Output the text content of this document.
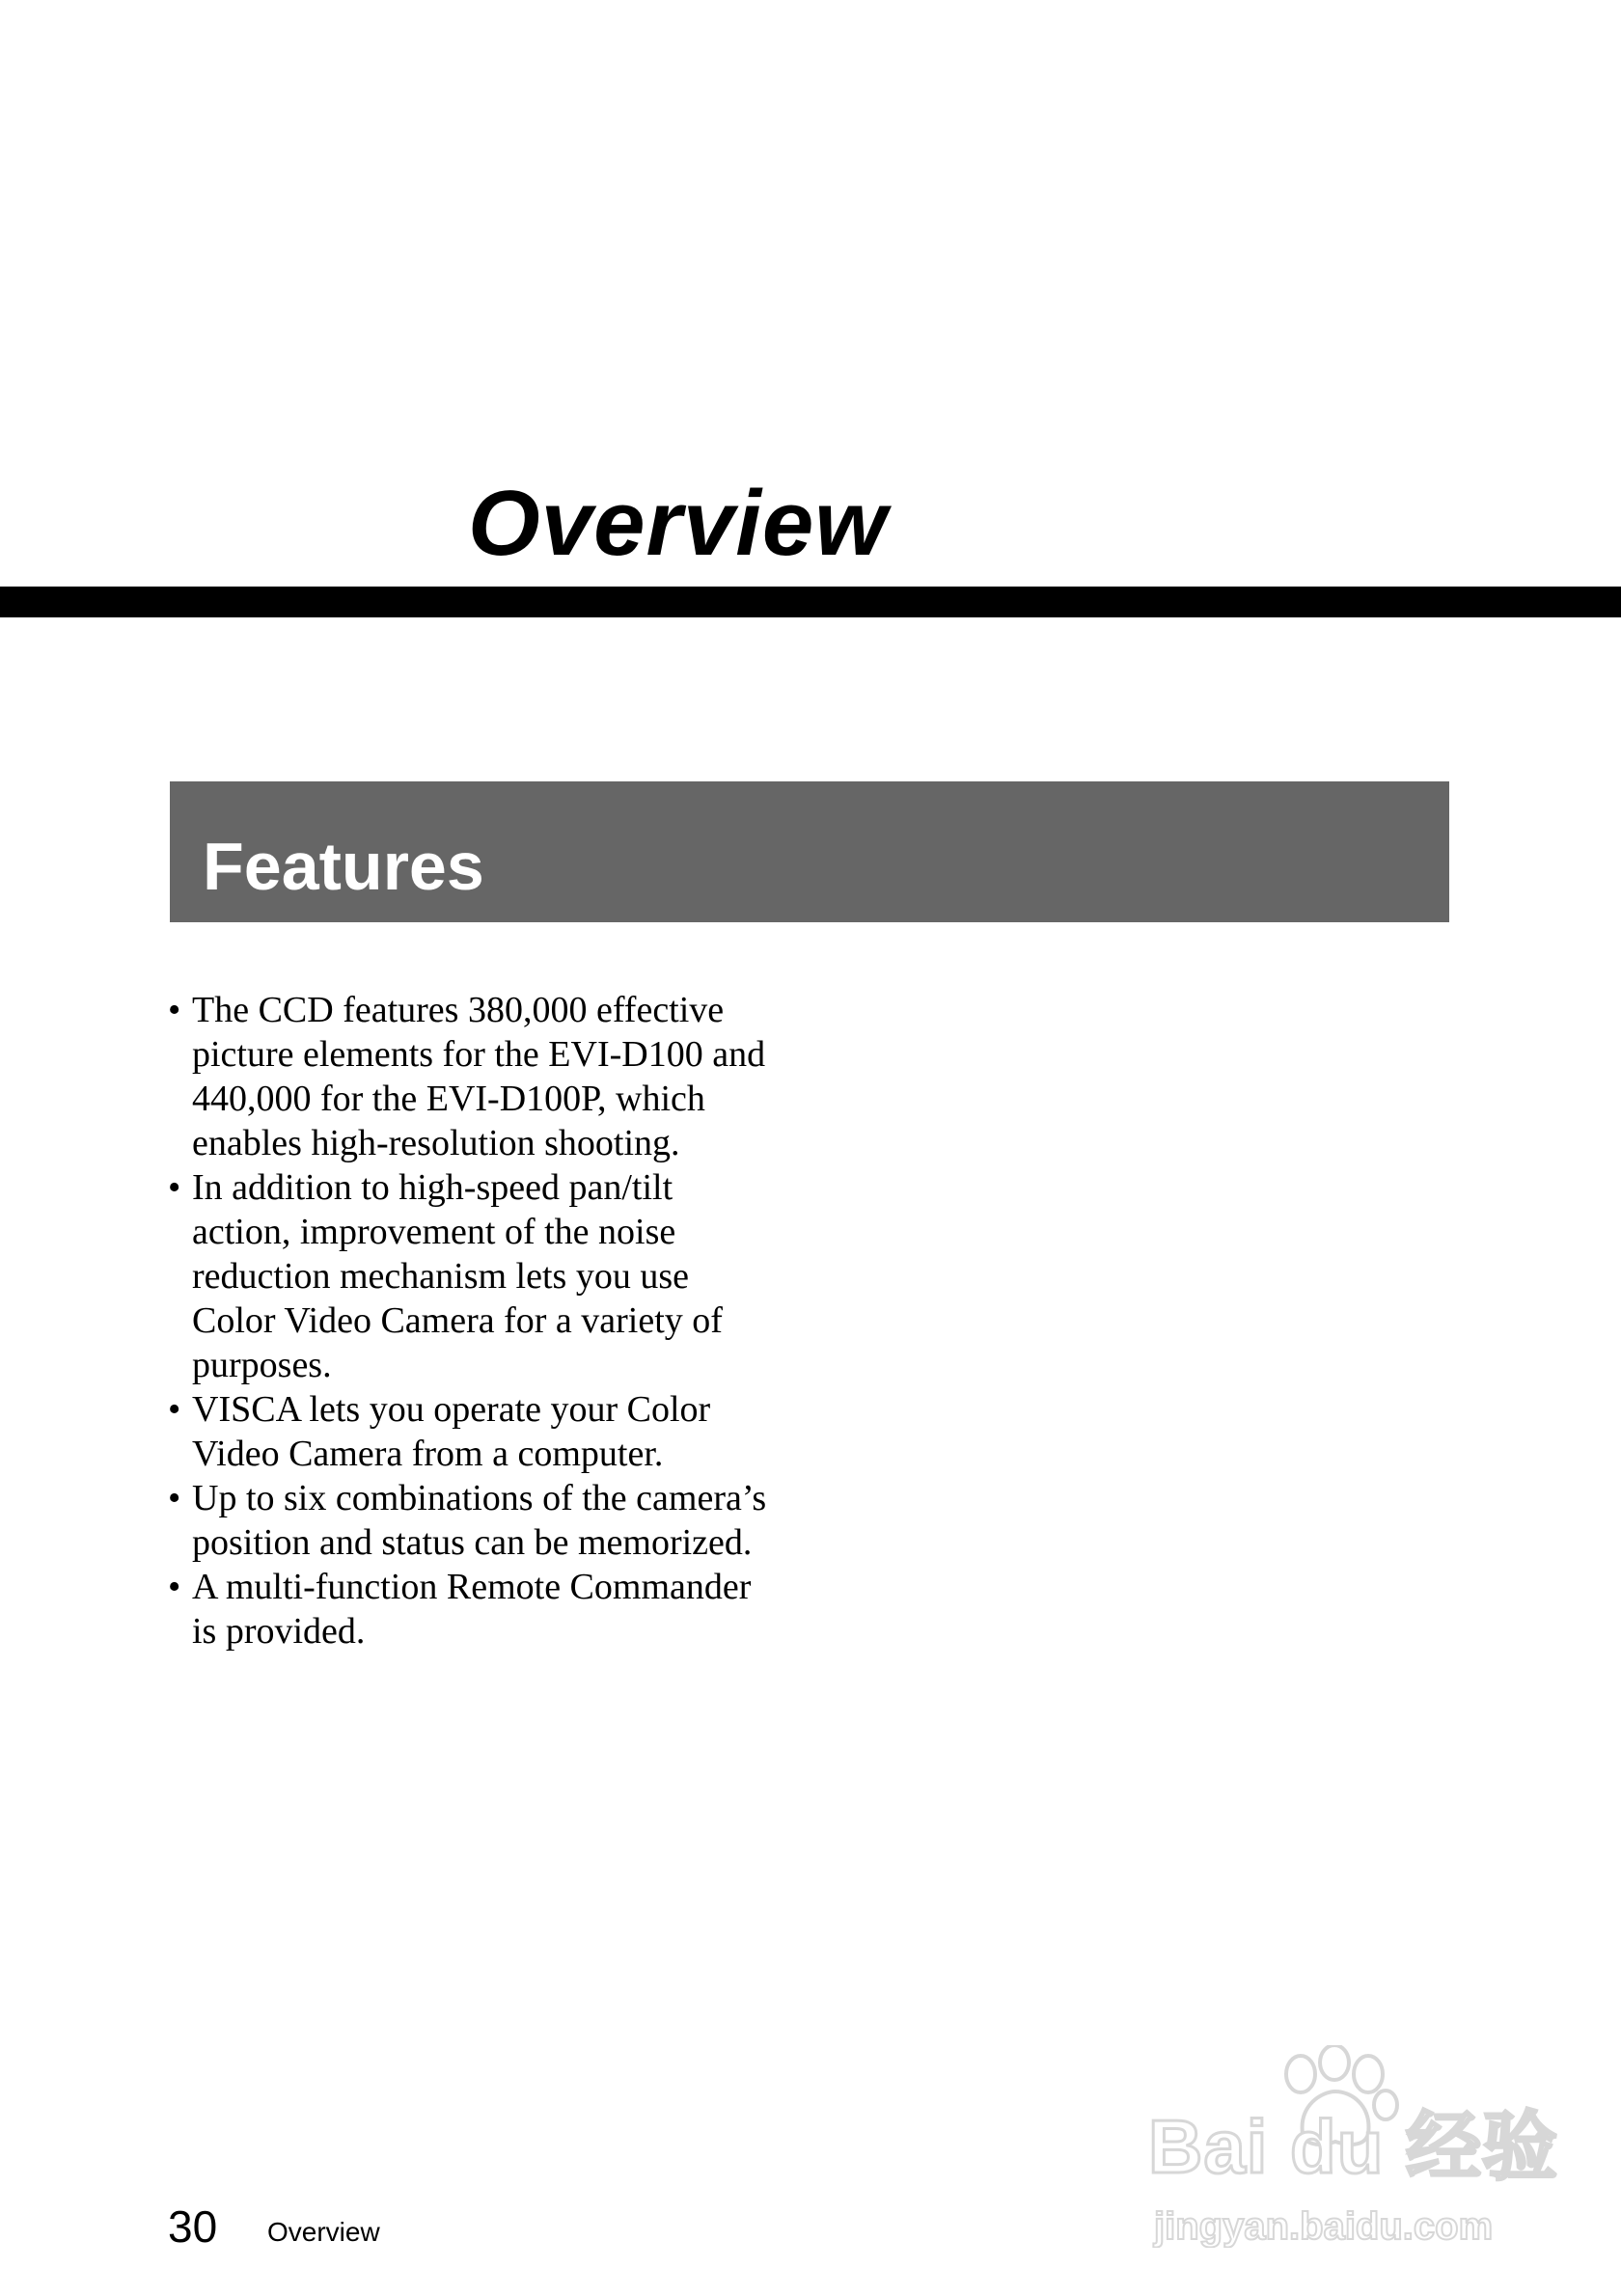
Overview
Features
• The CCD features 380,000 effective picture elements for the EVI-D100 and 440,000 for the EVI-D100P, which enables high-resolution shooting.
• In addition to high-speed pan/tilt action, improvement of the noise reduction mechanism lets you use Color Video Camera for a variety of purposes.
• VISCA lets you operate your Color Video Camera from a computer.
• Up to six combinations of the camera’s position and status can be memorized.
• A multi-function Remote Commander is provided.
30 Overview
Bai du 经验
jingyan.baidu.com
